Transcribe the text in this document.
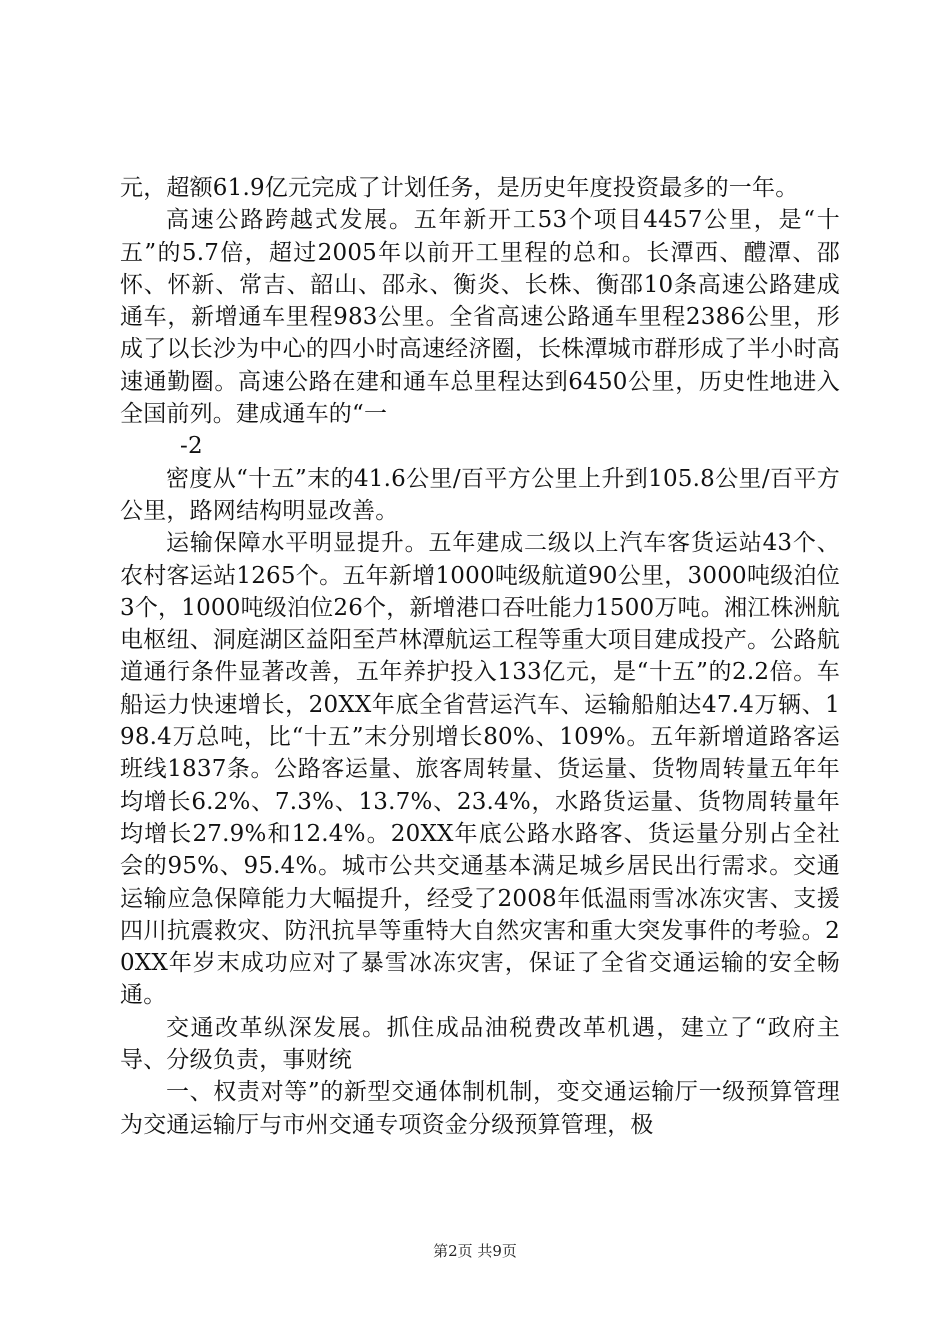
元，超额61.9亿元完成了计划任务，是历史年度投资最多的一年。

高速公路跨越式发展。五年新开工53个项目4457公里，是“十五”的5.7倍，超过2005年以前开工里程的总和。长潭西、醴潭、邵怀、怀新、常吉、韶山、邵永、衡炎、长株、衡邵10条高速公路建成通车，新增通车里程983公里。全省高速公路通车里程2386公里，形成了以长沙为中心的四小时高速经济圈，长株潭城市群形成了半小时高速通勤圈。高速公路在建和通车总里程达到6450公里，历史性地进入全国前列。建成通车的“一

-2

密度从“十五”末的41.6公里/百平方公里上升到105.8公里/百平方公里，路网结构明显改善。

运输保障水平明显提升。五年建成二级以上汽车客货运站43个、农村客运站1265个。五年新增1000吨级航道90公里，3000吨级泊位3个，1000吨级泊位26个，新增港口吞吐能力1500万吨。湘江株洲航电枢纽、洞庭湖区益阳至芦林潭航运工程等重大项目建成投产。公路航道通行条件显著改善，五年养护投入133亿元，是“十五”的2.2倍。车船运力快速增长，20XX年底全省营运汽车、运输船舶达47.4万辆、198.4万总吨，比“十五”末分别增长80%、109%。五年新增道路客运班线1837条。公路客运量、旅客周转量、货运量、货物周转量五年年均增长6.2%、7.3%、13.7%、23.4%，水路货运量、货物周转量年均增长27.9%和12.4%。20XX年底公路水路客、货运量分别占全社会的95%、95.4%。城市公共交通基本满足城乡居民出行需求。交通运输应急保障能力大幅提升，经受了2008年低温雨雪冰冻灾害、支援四川抗震救灾、防汛抗旱等重特大自然灾害和重大突发事件的考验。20XX年岁末成功应对了暴雪冰冻灾害，保证了全省交通运输的安全畅通。

交通改革纵深发展。抓住成品油税费改革机遇，建立了“政府主导、分级负责，事财统

一、权责对等”的新型交通体制机制，变交通运输厅一级预算管理为交通运输厅与市州交通专项资金分级预算管理，极

第2页 共9页
